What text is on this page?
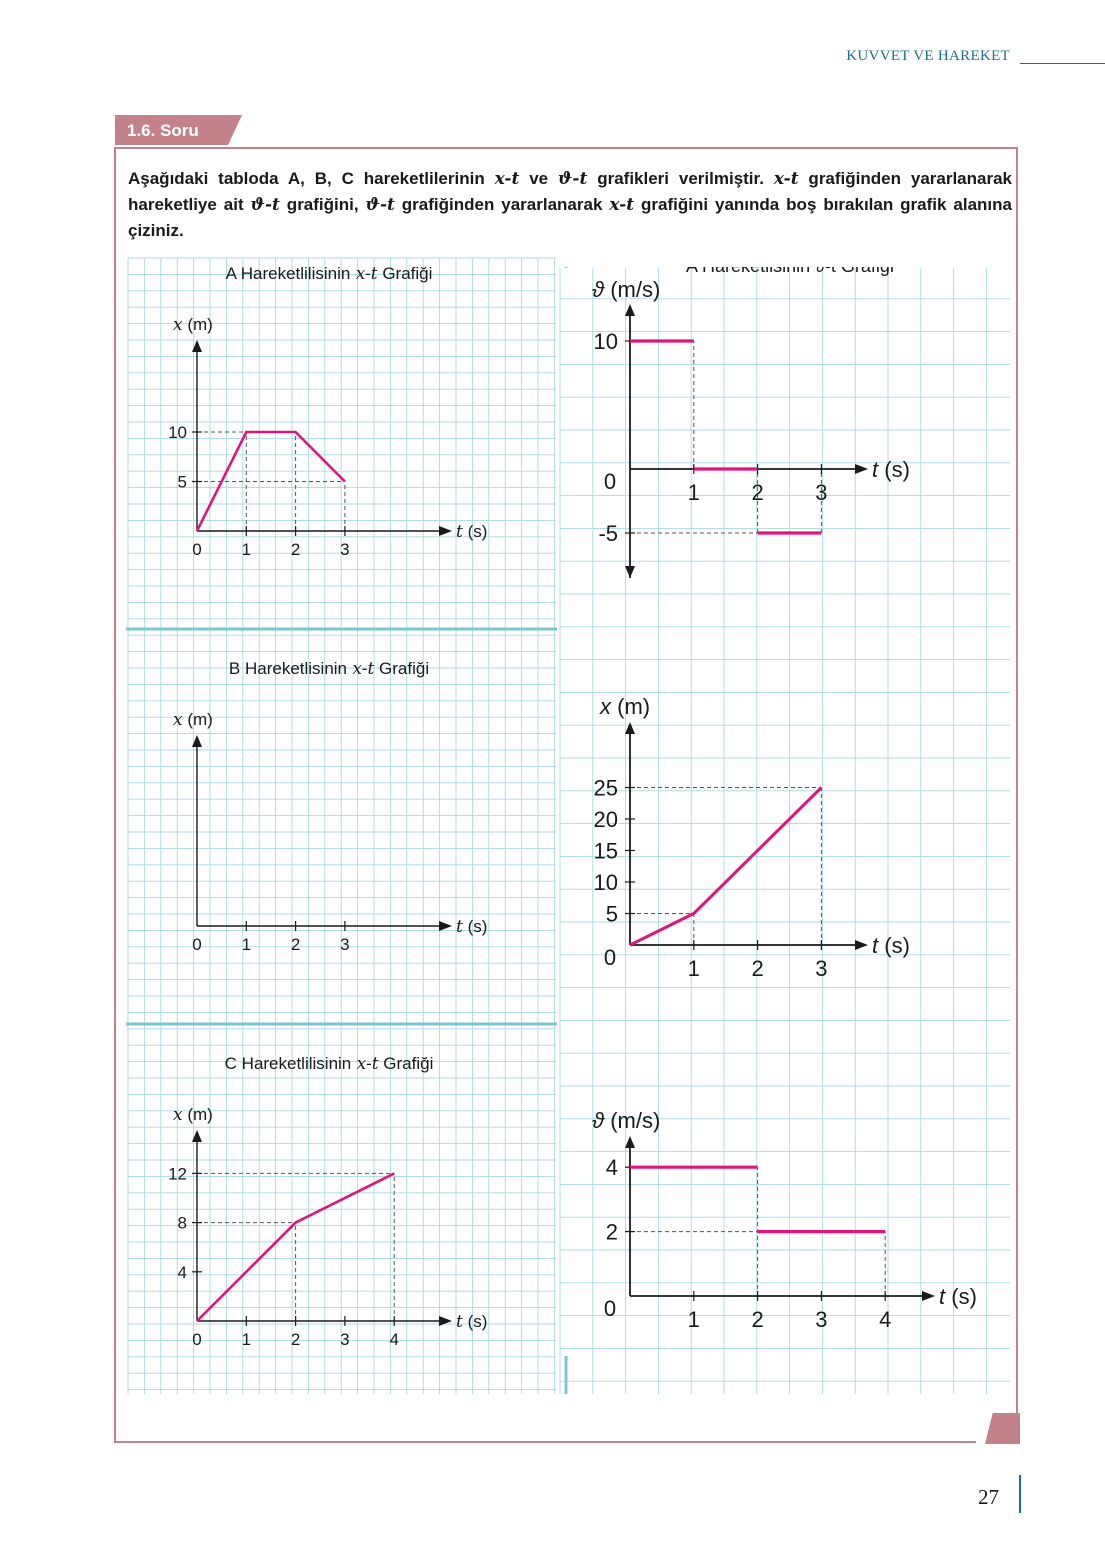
KUVVET VE HAREKET
1.6. Soru
Aşağıdaki tabloda A, B, C hareketlilerinin x-t ve ϑ-t grafikleri verilmiştir. x-t grafiğinden yararlanarak hareketliye ait ϑ-t grafiğini, ϑ-t grafiğinden yararlanarak x-t grafiğini yanında boş bırakılan grafik alanına çiziniz.
A Hareketlilisinin x-t Grafiği
t (s)
x (m)
0 1 2 3
5
10
t (s)
ϑ (m/s)
1 2 3
0
10
-5
B Hareketlisinin x-t Grafiği
t (s)
x (m)
0 1 2 3	t (s)
x (m)
1 2 3
0
5
10
15
20
25
C Hareketlilisinin x-t Grafiği
t (s)
x (m)
0 1 2 3 4
4
8
12
t (s)
ϑ (m/s)
1 2 3 4
0
2
4
27
